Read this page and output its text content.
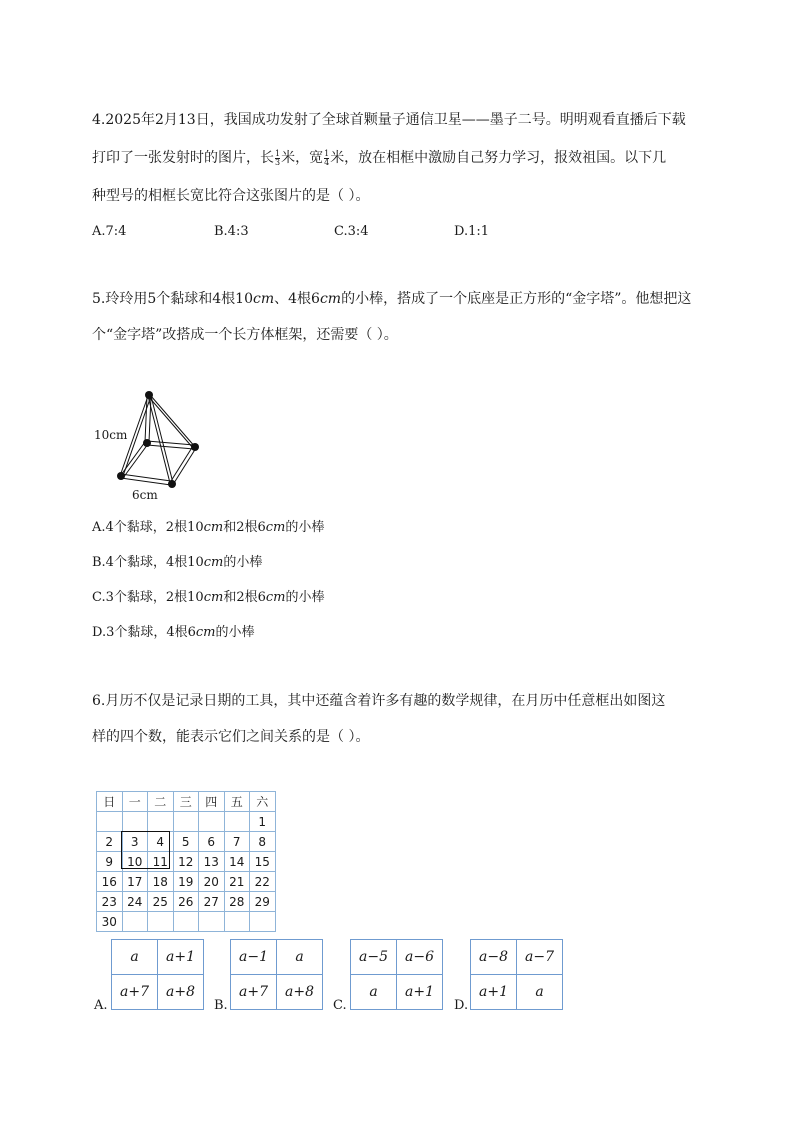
4.2025年2月13日，我国成功发射了全球首颗量子通信卫星——墨子二号。明明观看直播后下载
打印了一张发射时的图片，长 $\frac{1}{3}$ 米，宽 $\frac{1}{4}$ 米，放在相框中激励自己努力学习，报效祖国。以下几
种型号的相框长宽比符合这张图片的是（ ）。
A.7:4	B.4:3	C.3:4	D.1:1
5.玲玲用5个黏球和4根10cm、4根6cm的小棒，搭成了一个底座是正方形的“金字塔”。他想把这
个“金字塔”改搭成一个长方体框架，还需要（ ）。
10cm
6cm
A.4个黏球，2根10cm和2根6cm的小棒
B.4个黏球，4根10cm的小棒
C.3个黏球，2根10cm和2根6cm的小棒
D.3个黏球，4根6cm的小棒
6.月历不仅是记录日期的工具，其中还蕴含着许多有趣的数学规律，在月历中任意框出如图这
样的四个数，能表示它们之间关系的是（ ）。
日	一	二	三	四	五	六
						1
2	3	4	5	6	7	8
9	10	11	12	13	14	15
16	17	18	19	20	21	22
23	24	25	26	27	28	29
30						
A.
a	a+1
a+7	a+8
B.
a−1	a
a+7	a+8
C.
a−5	a−6
a	a+1
D.
a−8	a−7
a+1	a
